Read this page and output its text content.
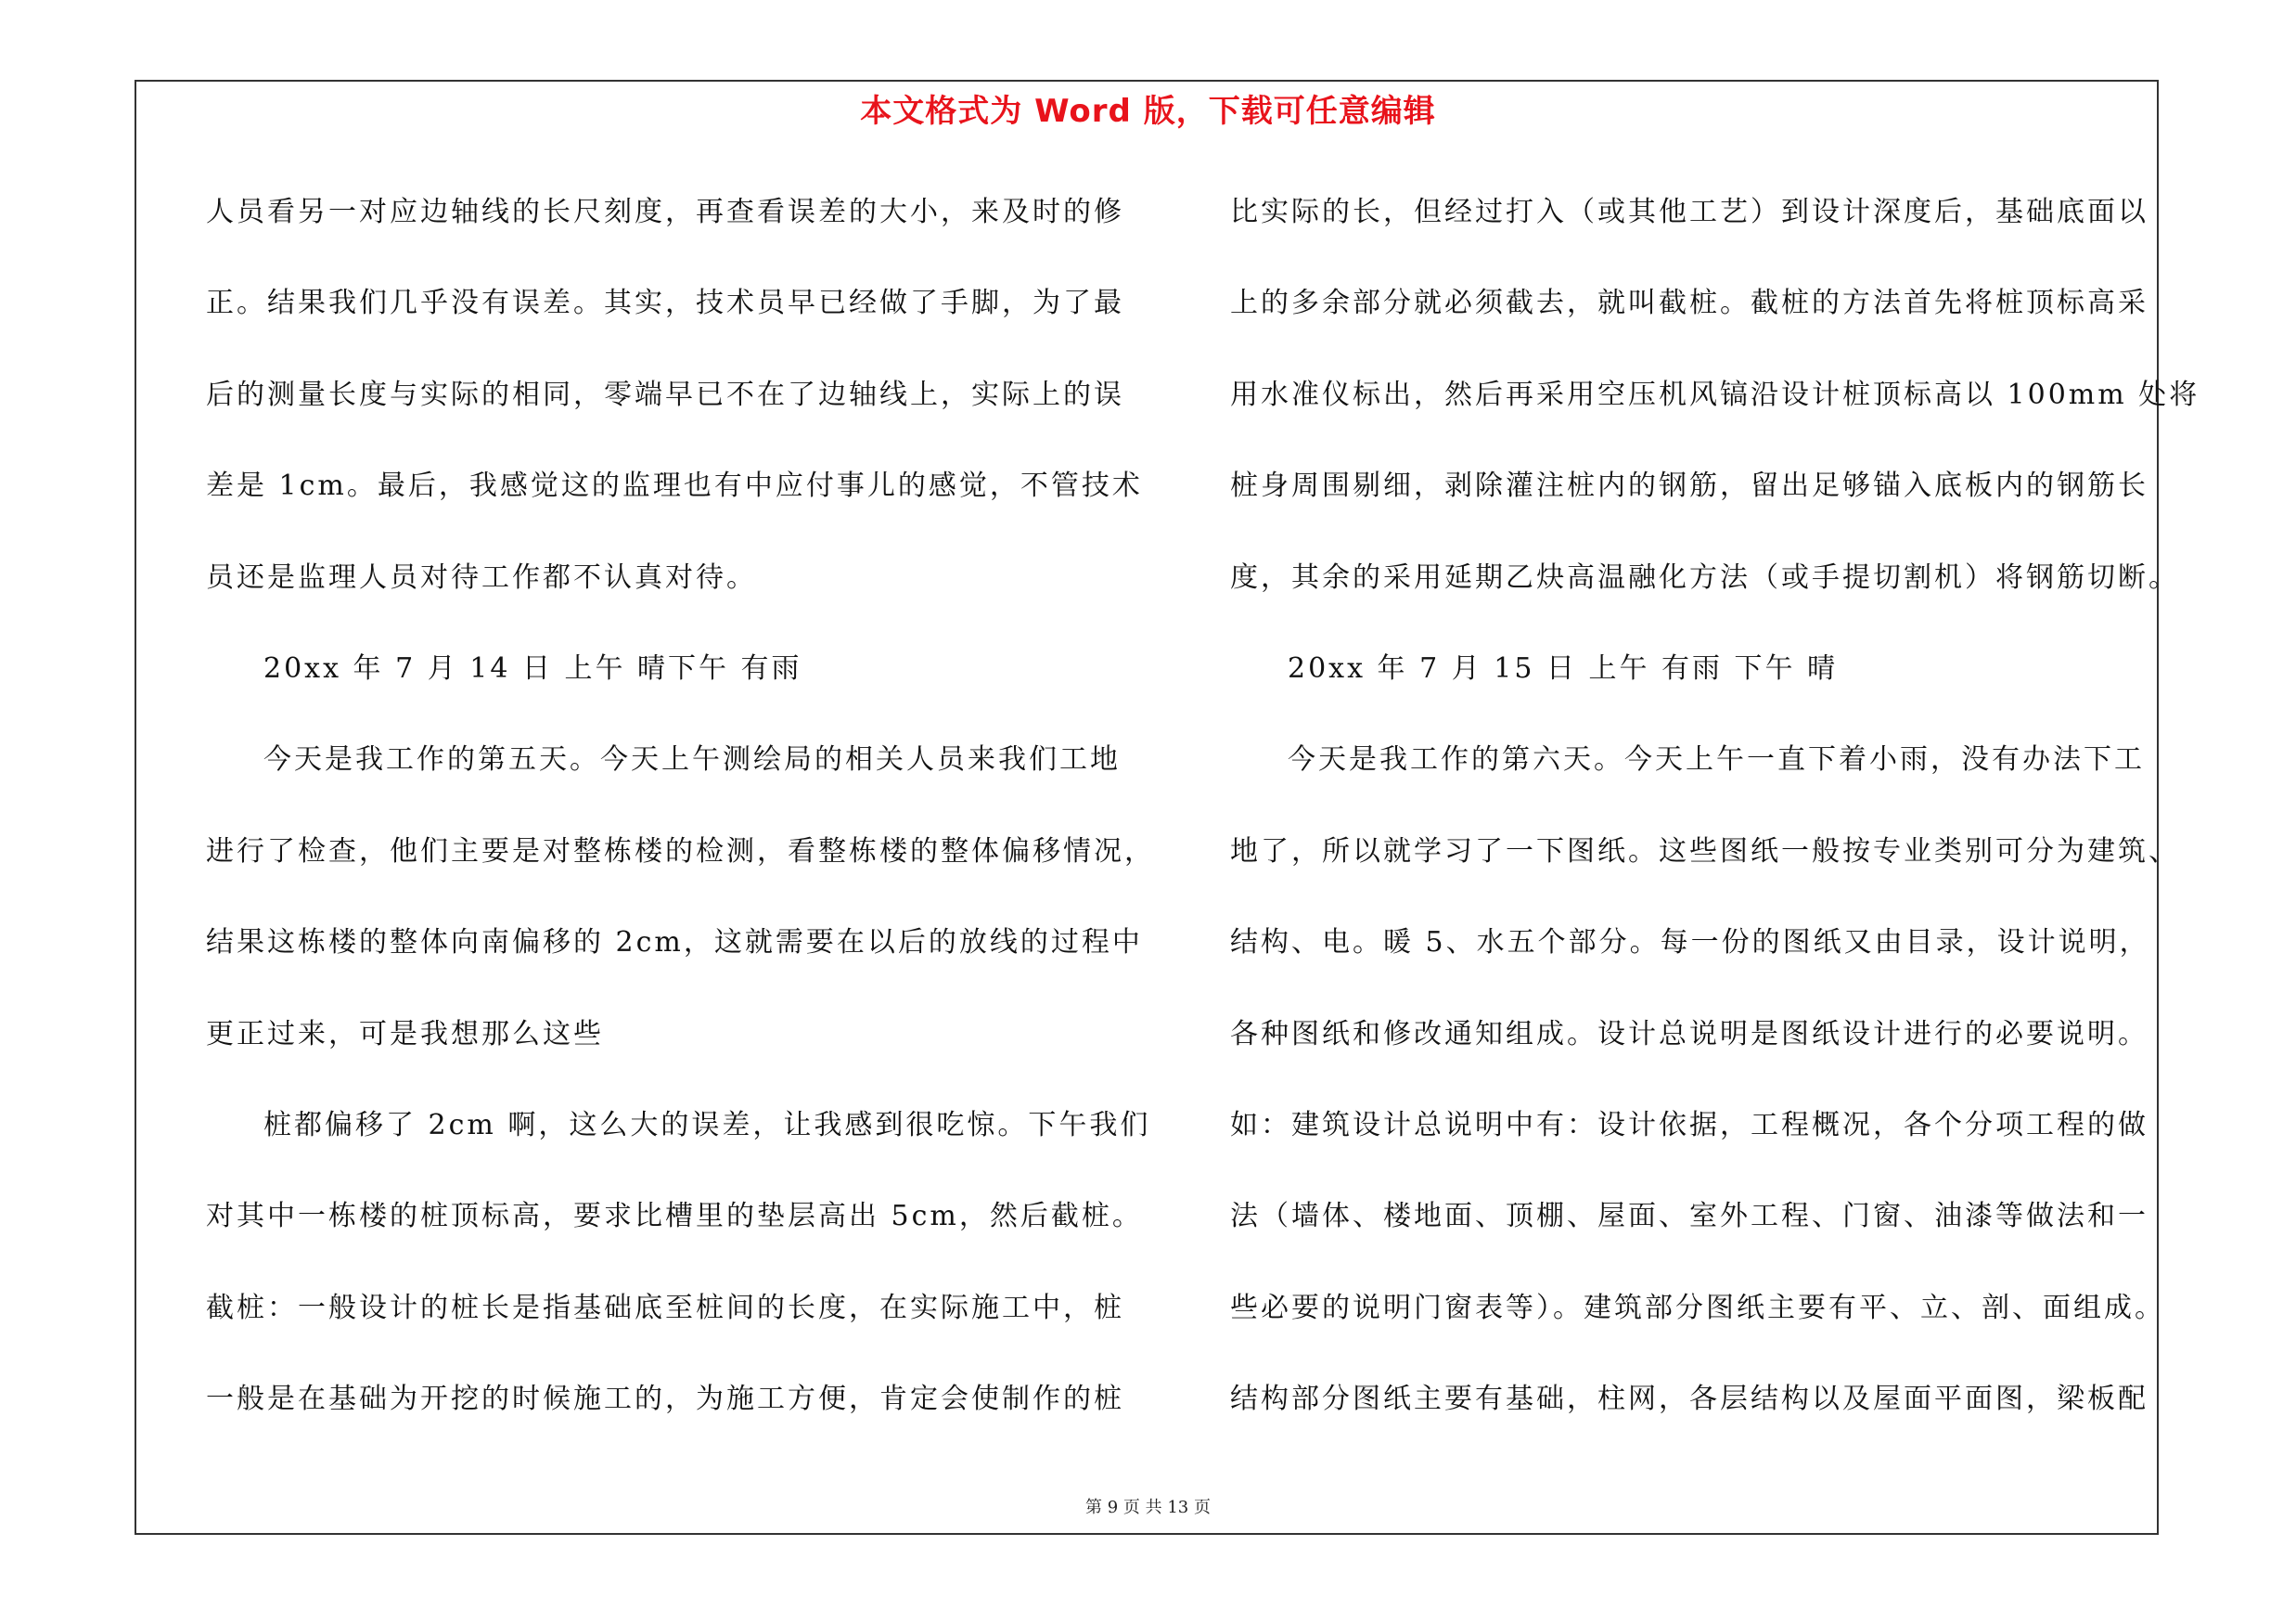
本文格式为 Word 版，下载可任意编辑
人员看另一对应边轴线的长尺刻度，再查看误差的大小，来及时的修
正。结果我们几乎没有误差。其实，技术员早已经做了手脚，为了最
后的测量长度与实际的相同，零端早已不在了边轴线上，实际上的误
差是 1cm。最后，我感觉这的监理也有中应付事儿的感觉，不管技术
员还是监理人员对待工作都不认真对待。
20xx 年 7 月 14 日 上午 晴下午 有雨
今天是我工作的第五天。今天上午测绘局的相关人员来我们工地
进行了检查，他们主要是对整栋楼的检测，看整栋楼的整体偏移情况，
结果这栋楼的整体向南偏移的 2cm，这就需要在以后的放线的过程中
更正过来，可是我想那么这些
桩都偏移了 2cm 啊，这么大的误差，让我感到很吃惊。下午我们
对其中一栋楼的桩顶标高，要求比槽里的垫层高出 5cm，然后截桩。
截桩：一般设计的桩长是指基础底至桩间的长度，在实际施工中，桩
一般是在基础为开挖的时候施工的，为施工方便，肯定会使制作的桩
比实际的长，但经过打入（或其他工艺）到设计深度后，基础底面以
上的多余部分就必须截去，就叫截桩。截桩的方法首先将桩顶标高采
用水准仪标出，然后再采用空压机风镐沿设计桩顶标高以 100mm 处将
桩身周围剔细，剥除灌注桩内的钢筋，留出足够锚入底板内的钢筋长
度，其余的采用延期乙炔高温融化方法（或手提切割机）将钢筋切断。
20xx 年 7 月 15 日 上午 有雨 下午 晴
今天是我工作的第六天。今天上午一直下着小雨，没有办法下工
地了，所以就学习了一下图纸。这些图纸一般按专业类别可分为建筑、
结构、电。暖 5、水五个部分。每一份的图纸又由目录，设计说明，
各种图纸和修改通知组成。设计总说明是图纸设计进行的必要说明。
如：建筑设计总说明中有：设计依据，工程概况，各个分项工程的做
法（墙体、楼地面、顶棚、屋面、室外工程、门窗、油漆等做法和一
些必要的说明门窗表等）。建筑部分图纸主要有平、立、剖、面组成。
结构部分图纸主要有基础，柱网，各层结构以及屋面平面图，梁板配
第 9 页 共 13 页
